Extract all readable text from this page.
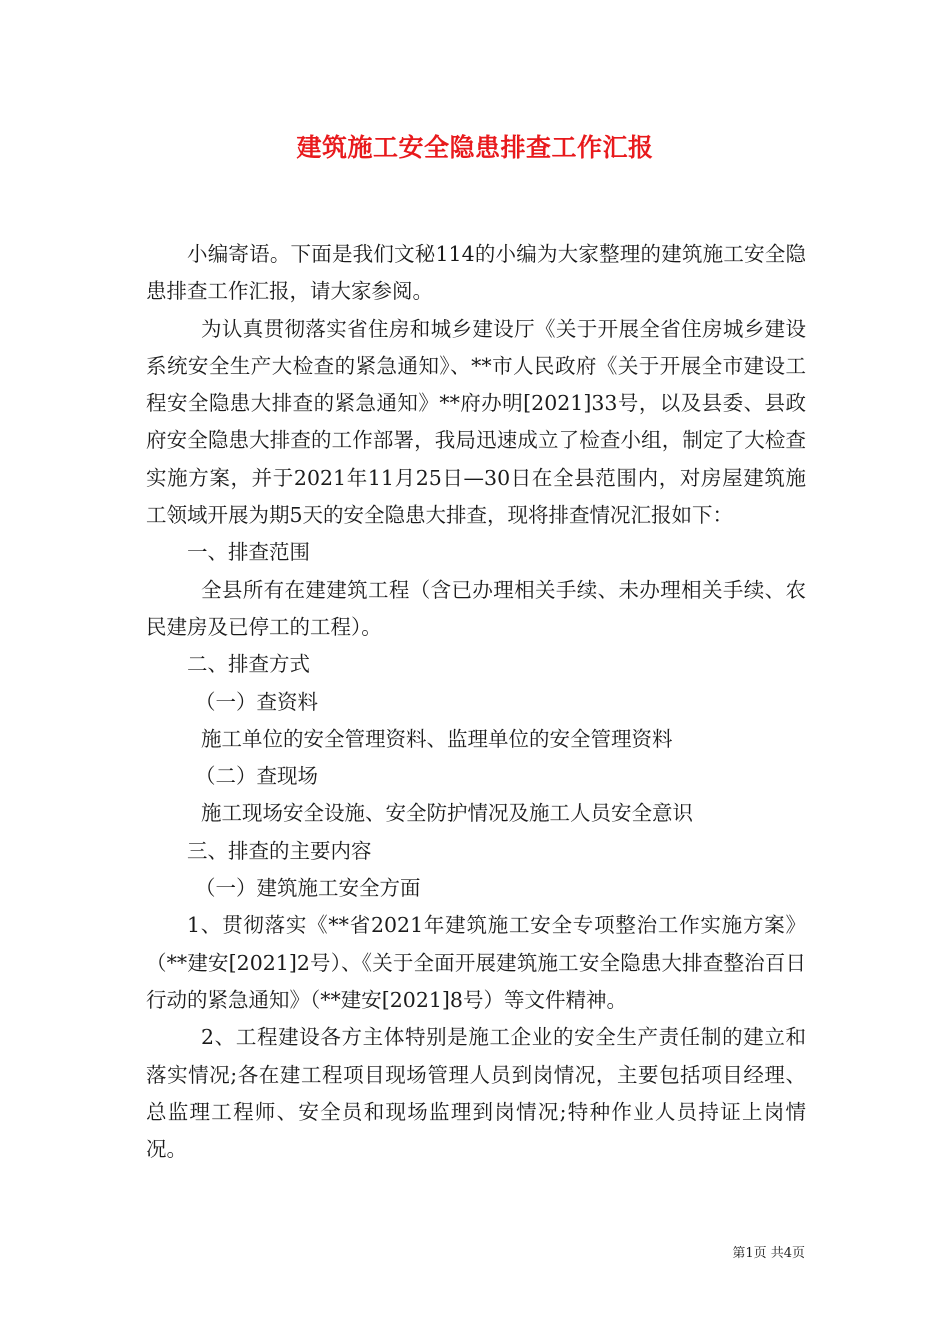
建筑施工安全隐患排查工作汇报

小编寄语。下面是我们文秘114的小编为大家整理的建筑施工安全隐患排查工作汇报，请大家参阅。

为认真贯彻落实省住房和城乡建设厅《关于开展全省住房城乡建设系统安全生产大检查的紧急通知》、**市人民政府《关于开展全市建设工程安全隐患大排查的紧急通知》**府办明[2021]33号，以及县委、县政府安全隐患大排查的工作部署，我局迅速成立了检查小组，制定了大检查实施方案，并于2021年11月25日—30日在全县范围内，对房屋建筑施工领域开展为期5天的安全隐患大排查，现将排查情况汇报如下：

一、排查范围

全县所有在建建筑工程（含已办理相关手续、未办理相关手续、农民建房及已停工的工程）。

二、排查方式

（一）查资料

施工单位的安全管理资料、监理单位的安全管理资料

（二）查现场

施工现场安全设施、安全防护情况及施工人员安全意识

三、排查的主要内容

（一）建筑施工安全方面

1、贯彻落实《**省2021年建筑施工安全专项整治工作实施方案》（**建安[2021]2号）、《关于全面开展建筑施工安全隐患大排查整治百日行动的紧急通知》（**建安[2021]8号）等文件精神。

2、工程建设各方主体特别是施工企业的安全生产责任制的建立和落实情况;各在建工程项目现场管理人员到岗情况，主要包括项目经理、总监理工程师、安全员和现场监理到岗情况;特种作业人员持证上岗情况。

第1页 共4页
